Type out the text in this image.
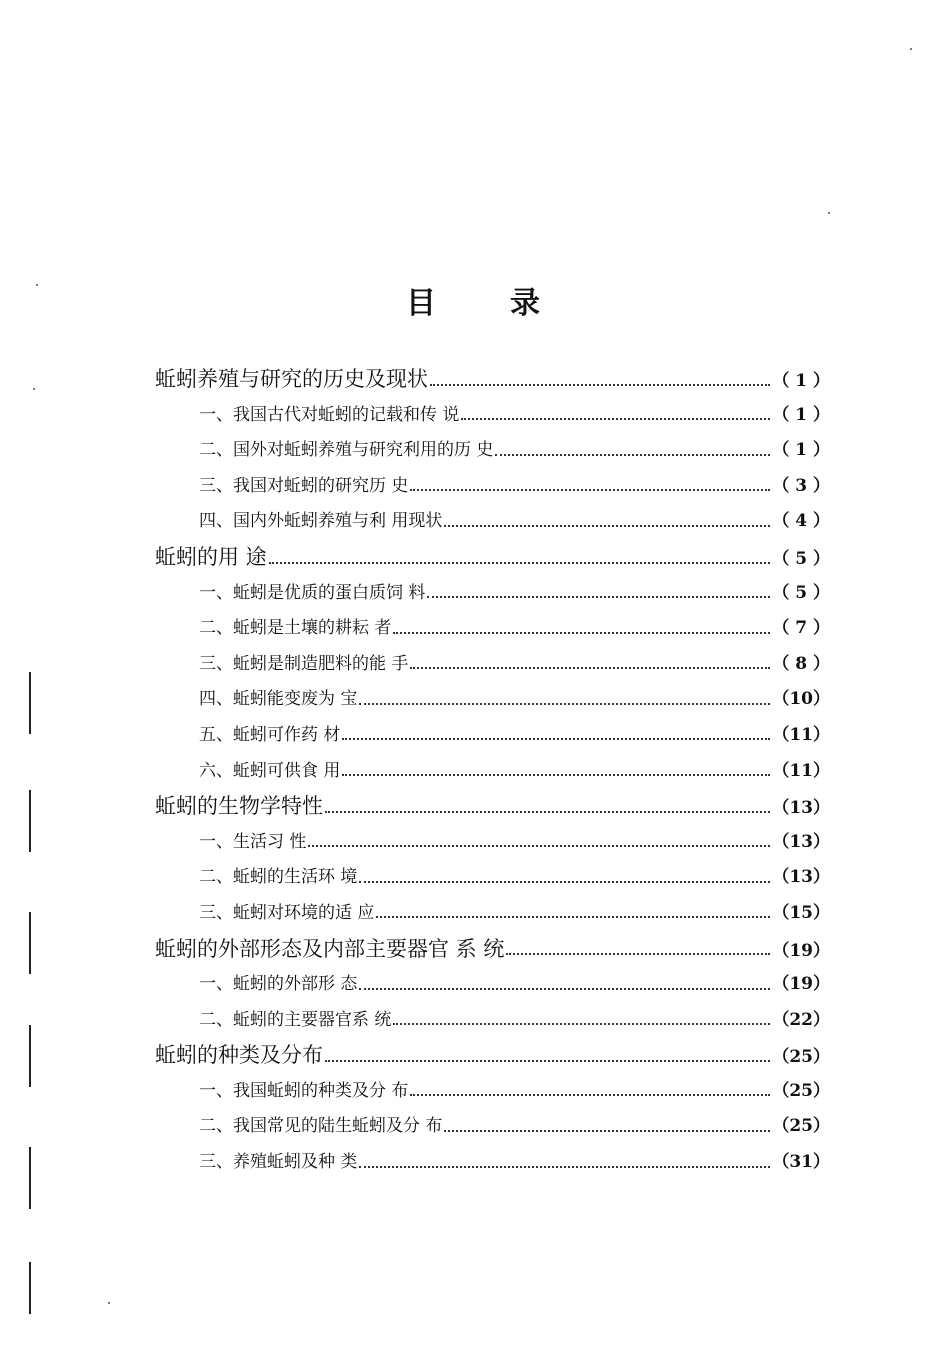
目 录
蚯蚓养殖与研究的历史及现状	（ 1 ）
一、我国古代对蚯蚓的记载和传 说	（ 1 ）
二、国外对蚯蚓养殖与研究利用的历 史	（ 1 ）
三、我国对蚯蚓的研究历 史	（ 3 ）
四、国内外蚯蚓养殖与利 用现状	（ 4 ）
蚯蚓的用 途	（ 5 ）
一、蚯蚓是优质的蛋白质饲 料	（ 5 ）
二、蚯蚓是土壤的耕耘 者	（ 7 ）
三、蚯蚓是制造肥料的能 手	（ 8 ）
四、蚯蚓能变废为 宝	（10）
五、蚯蚓可作药 材	（11）
六、蚯蚓可供食 用	（11）
蚯蚓的生物学特性	（13）
一、生活习 性	（13）
二、蚯蚓的生活环 境	（13）
三、蚯蚓对环境的适 应	（15）
蚯蚓的外部形态及内部主要器官 系 统	（19）
一、蚯蚓的外部形 态	（19）
二、蚯蚓的主要器官系 统	（22）
蚯蚓的种类及分布	（25）
一、我国蚯蚓的种类及分 布	（25）
二、我国常见的陆生蚯蚓及分 布	（25）
三、养殖蚯蚓及种 类	（31）
